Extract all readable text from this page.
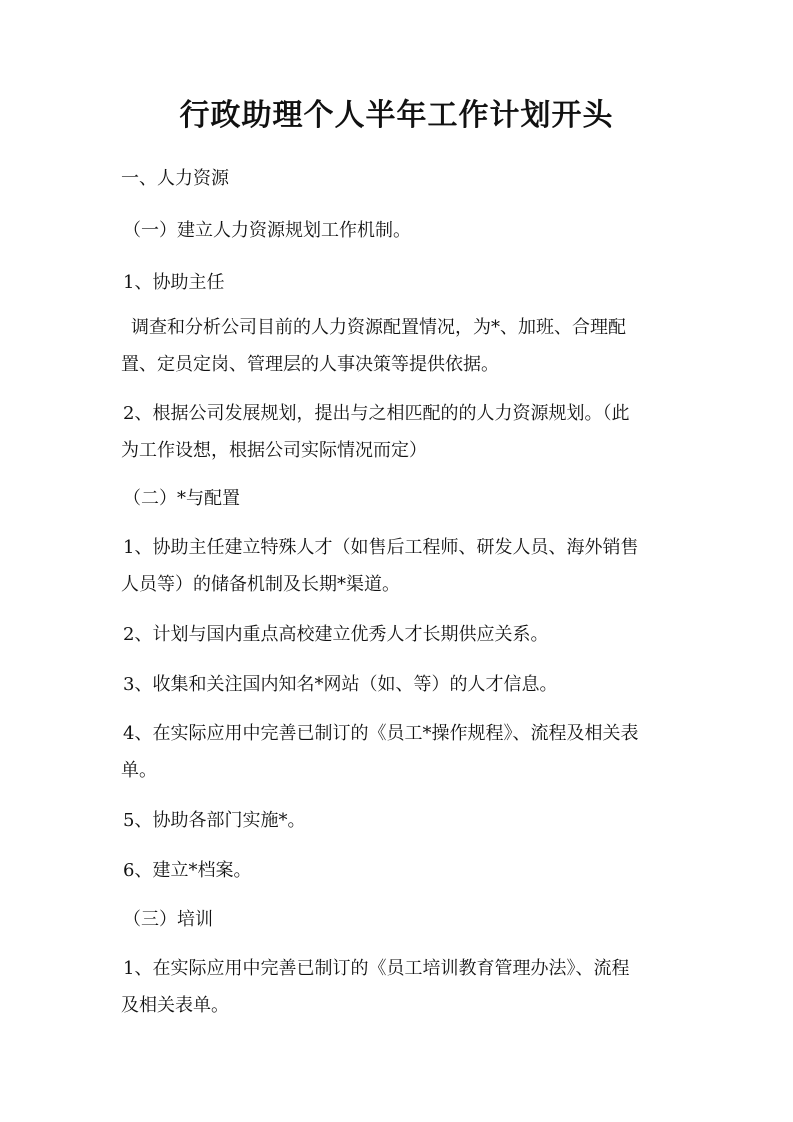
行政助理个人半年工作计划开头

一、人力资源

（一）建立人力资源规划工作机制。

1、协助主任

调查和分析公司目前的人力资源配置情况，为*、加班、合理配
置、定员定岗、管理层的人事决策等提供依据。

2、根据公司发展规划，提出与之相匹配的的人力资源规划。（此
为工作设想，根据公司实际情况而定）

（二）*与配置

1、协助主任建立特殊人才（如售后工程师、研发人员、海外销售
人员等）的储备机制及长期*渠道。

2、计划与国内重点高校建立优秀人才长期供应关系。

3、收集和关注国内知名*网站（如、等）的人才信息。

4、在实际应用中完善已制订的《员工*操作规程》、流程及相关表
单。

5、协助各部门实施*。

6、建立*档案。

（三）培训

1、在实际应用中完善已制订的《员工培训教育管理办法》、流程
及相关表单。
